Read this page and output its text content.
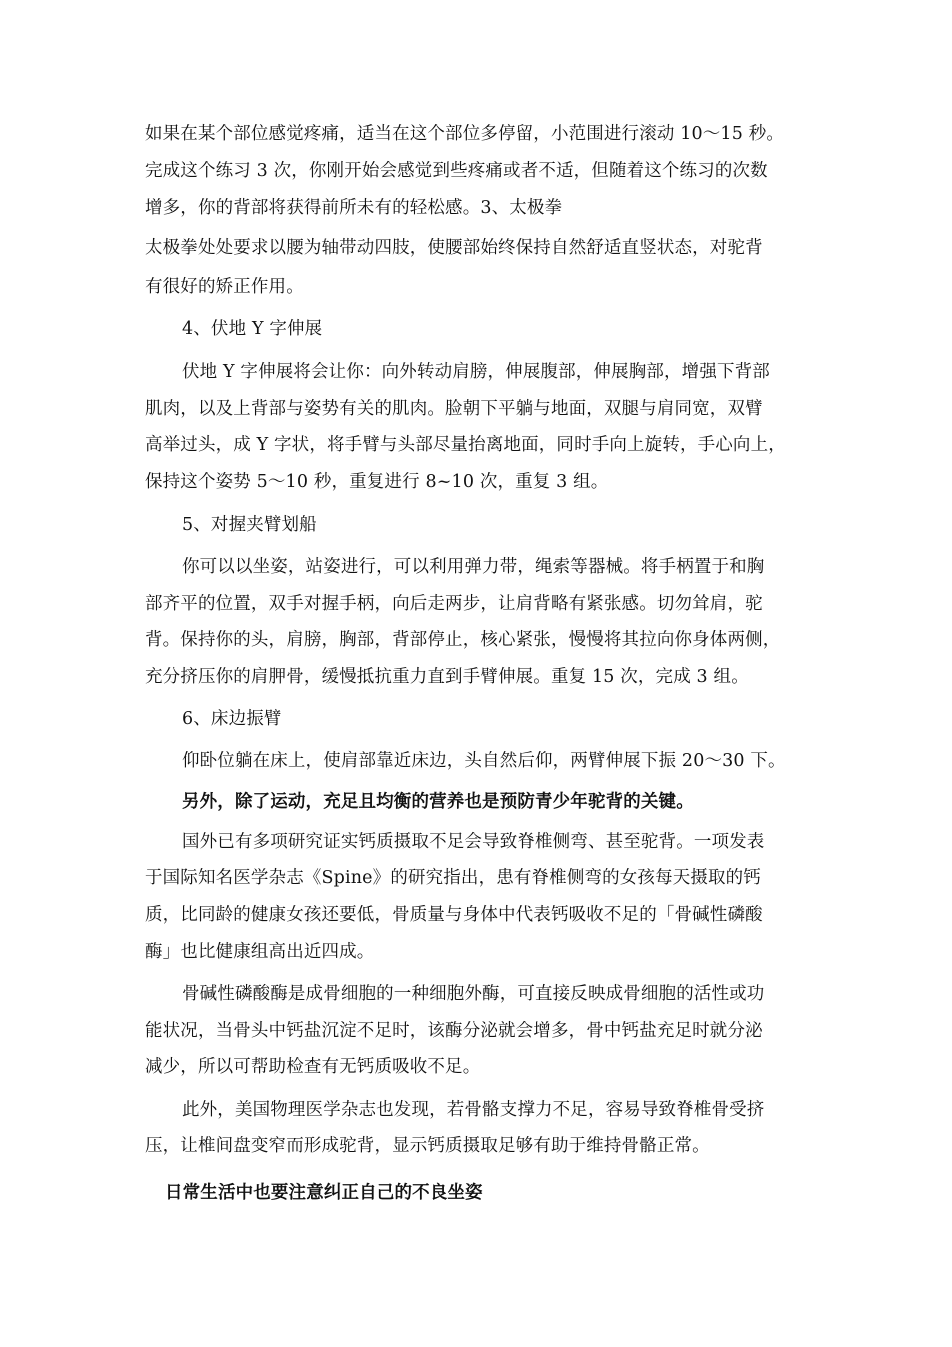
如果在某个部位感觉疼痛，适当在这个部位多停留，小范围进行滚动 10～15 秒。
完成这个练习 3 次，你刚开始会感觉到些疼痛或者不适，但随着这个练习的次数
增多，你的背部将获得前所未有的轻松感。3、太极拳
太极拳处处要求以腰为轴带动四肢，使腰部始终保持自然舒适直竖状态，对驼背
有很好的矫正作用。
4、伏地 Y 字伸展
伏地 Y 字伸展将会让你：向外转动肩膀，伸展腹部，伸展胸部，增强下背部
肌肉，以及上背部与姿势有关的肌肉。脸朝下平躺与地面，双腿与肩同宽，双臂
高举过头，成 Y 字状，将手臂与头部尽量抬离地面，同时手向上旋转，手心向上，
保持这个姿势 5～10 秒，重复进行 8~10 次，重复 3 组。
5、对握夹臂划船
你可以以坐姿，站姿进行，可以利用弹力带，绳索等器械。将手柄置于和胸
部齐平的位置，双手对握手柄，向后走两步，让肩背略有紧张感。切勿耸肩，驼
背。保持你的头，肩膀，胸部，背部停止，核心紧张，慢慢将其拉向你身体两侧，
充分挤压你的肩胛骨，缓慢抵抗重力直到手臂伸展。重复 15 次，完成 3 组。
6、床边振臂
仰卧位躺在床上，使肩部靠近床边，头自然后仰，两臂伸展下振 20～30 下。
另外，除了运动，充足且均衡的营养也是预防青少年驼背的关键。
国外已有多项研究证实钙质摄取不足会导致脊椎侧弯、甚至驼背。一项发表
于国际知名医学杂志《Spine》的研究指出，患有脊椎侧弯的女孩每天摄取的钙
质，比同龄的健康女孩还要低，骨质量与身体中代表钙吸收不足的「骨碱性磷酸
酶」也比健康组高出近四成。
骨碱性磷酸酶是成骨细胞的一种细胞外酶，可直接反映成骨细胞的活性或功
能状况，当骨头中钙盐沉淀不足时，该酶分泌就会增多，骨中钙盐充足时就分泌
减少，所以可帮助检查有无钙质吸收不足。
此外，美国物理医学杂志也发现，若骨骼支撑力不足，容易导致脊椎骨受挤
压，让椎间盘变窄而形成驼背，显示钙质摄取足够有助于维持骨骼正常。
日常生活中也要注意纠正自己的不良坐姿
